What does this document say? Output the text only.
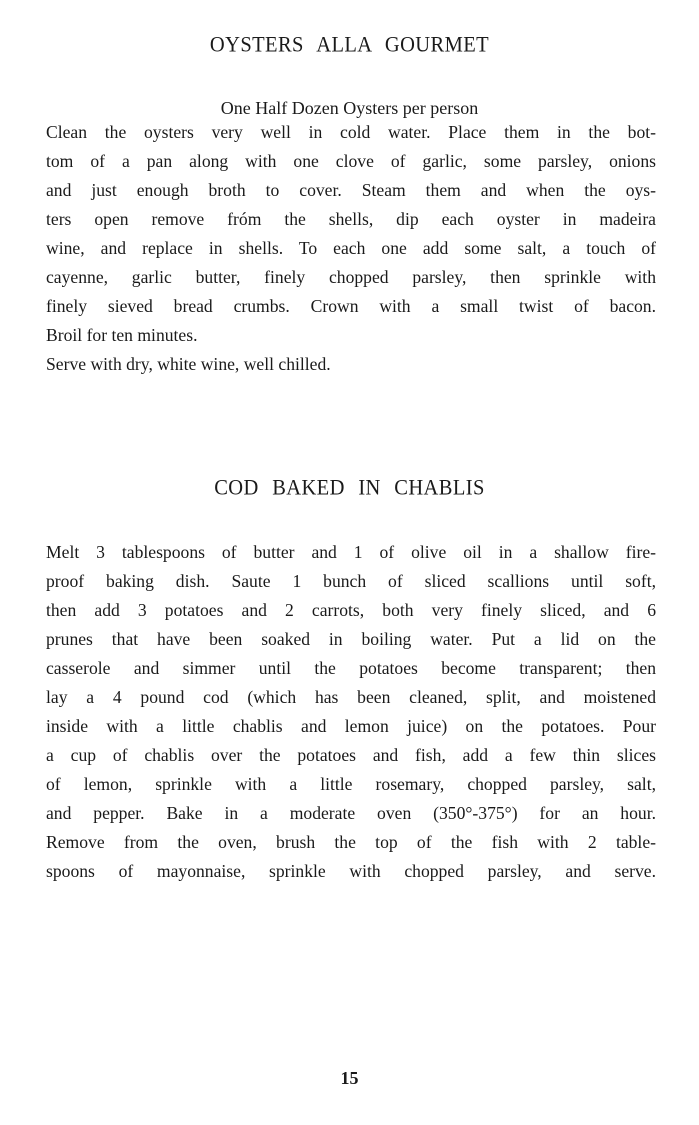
OYSTERS ALLA GOURMET

One Half Dozen Oysters per person

Clean the oysters very well in cold water. Place them in the bot-
tom of a pan along with one clove of garlic, some parsley, onions
and just enough broth to cover. Steam them and when the oys-
ters open remove fróm the shells, dip each oyster in madeira
wine, and replace in shells. To each one add some salt, a touch of
cayenne, garlic butter, finely chopped parsley, then sprinkle with
finely sieved bread crumbs. Crown with a small twist of bacon.
Broil for ten minutes.
Serve with dry, white wine, well chilled.
COD BAKED IN CHABLIS
Melt 3 tablespoons of butter and 1 of olive oil in a shallow fire-
proof baking dish. Saute 1 bunch of sliced scallions until soft,
then add 3 potatoes and 2 carrots, both very finely sliced, and 6
prunes that have been soaked in boiling water. Put a lid on the
casserole and simmer until the potatoes become transparent; then
lay a 4 pound cod (which has been cleaned, split, and moistened
inside with a little chablis and lemon juice) on the potatoes. Pour
a cup of chablis over the potatoes and fish, add a few thin slices
of lemon, sprinkle with a little rosemary, chopped parsley, salt,
and pepper. Bake in a moderate oven (350°-375°) for an hour.
Remove from the oven, brush the top of the fish with 2 table-
spoons of mayonnaise, sprinkle with chopped parsley, and serve.

15
